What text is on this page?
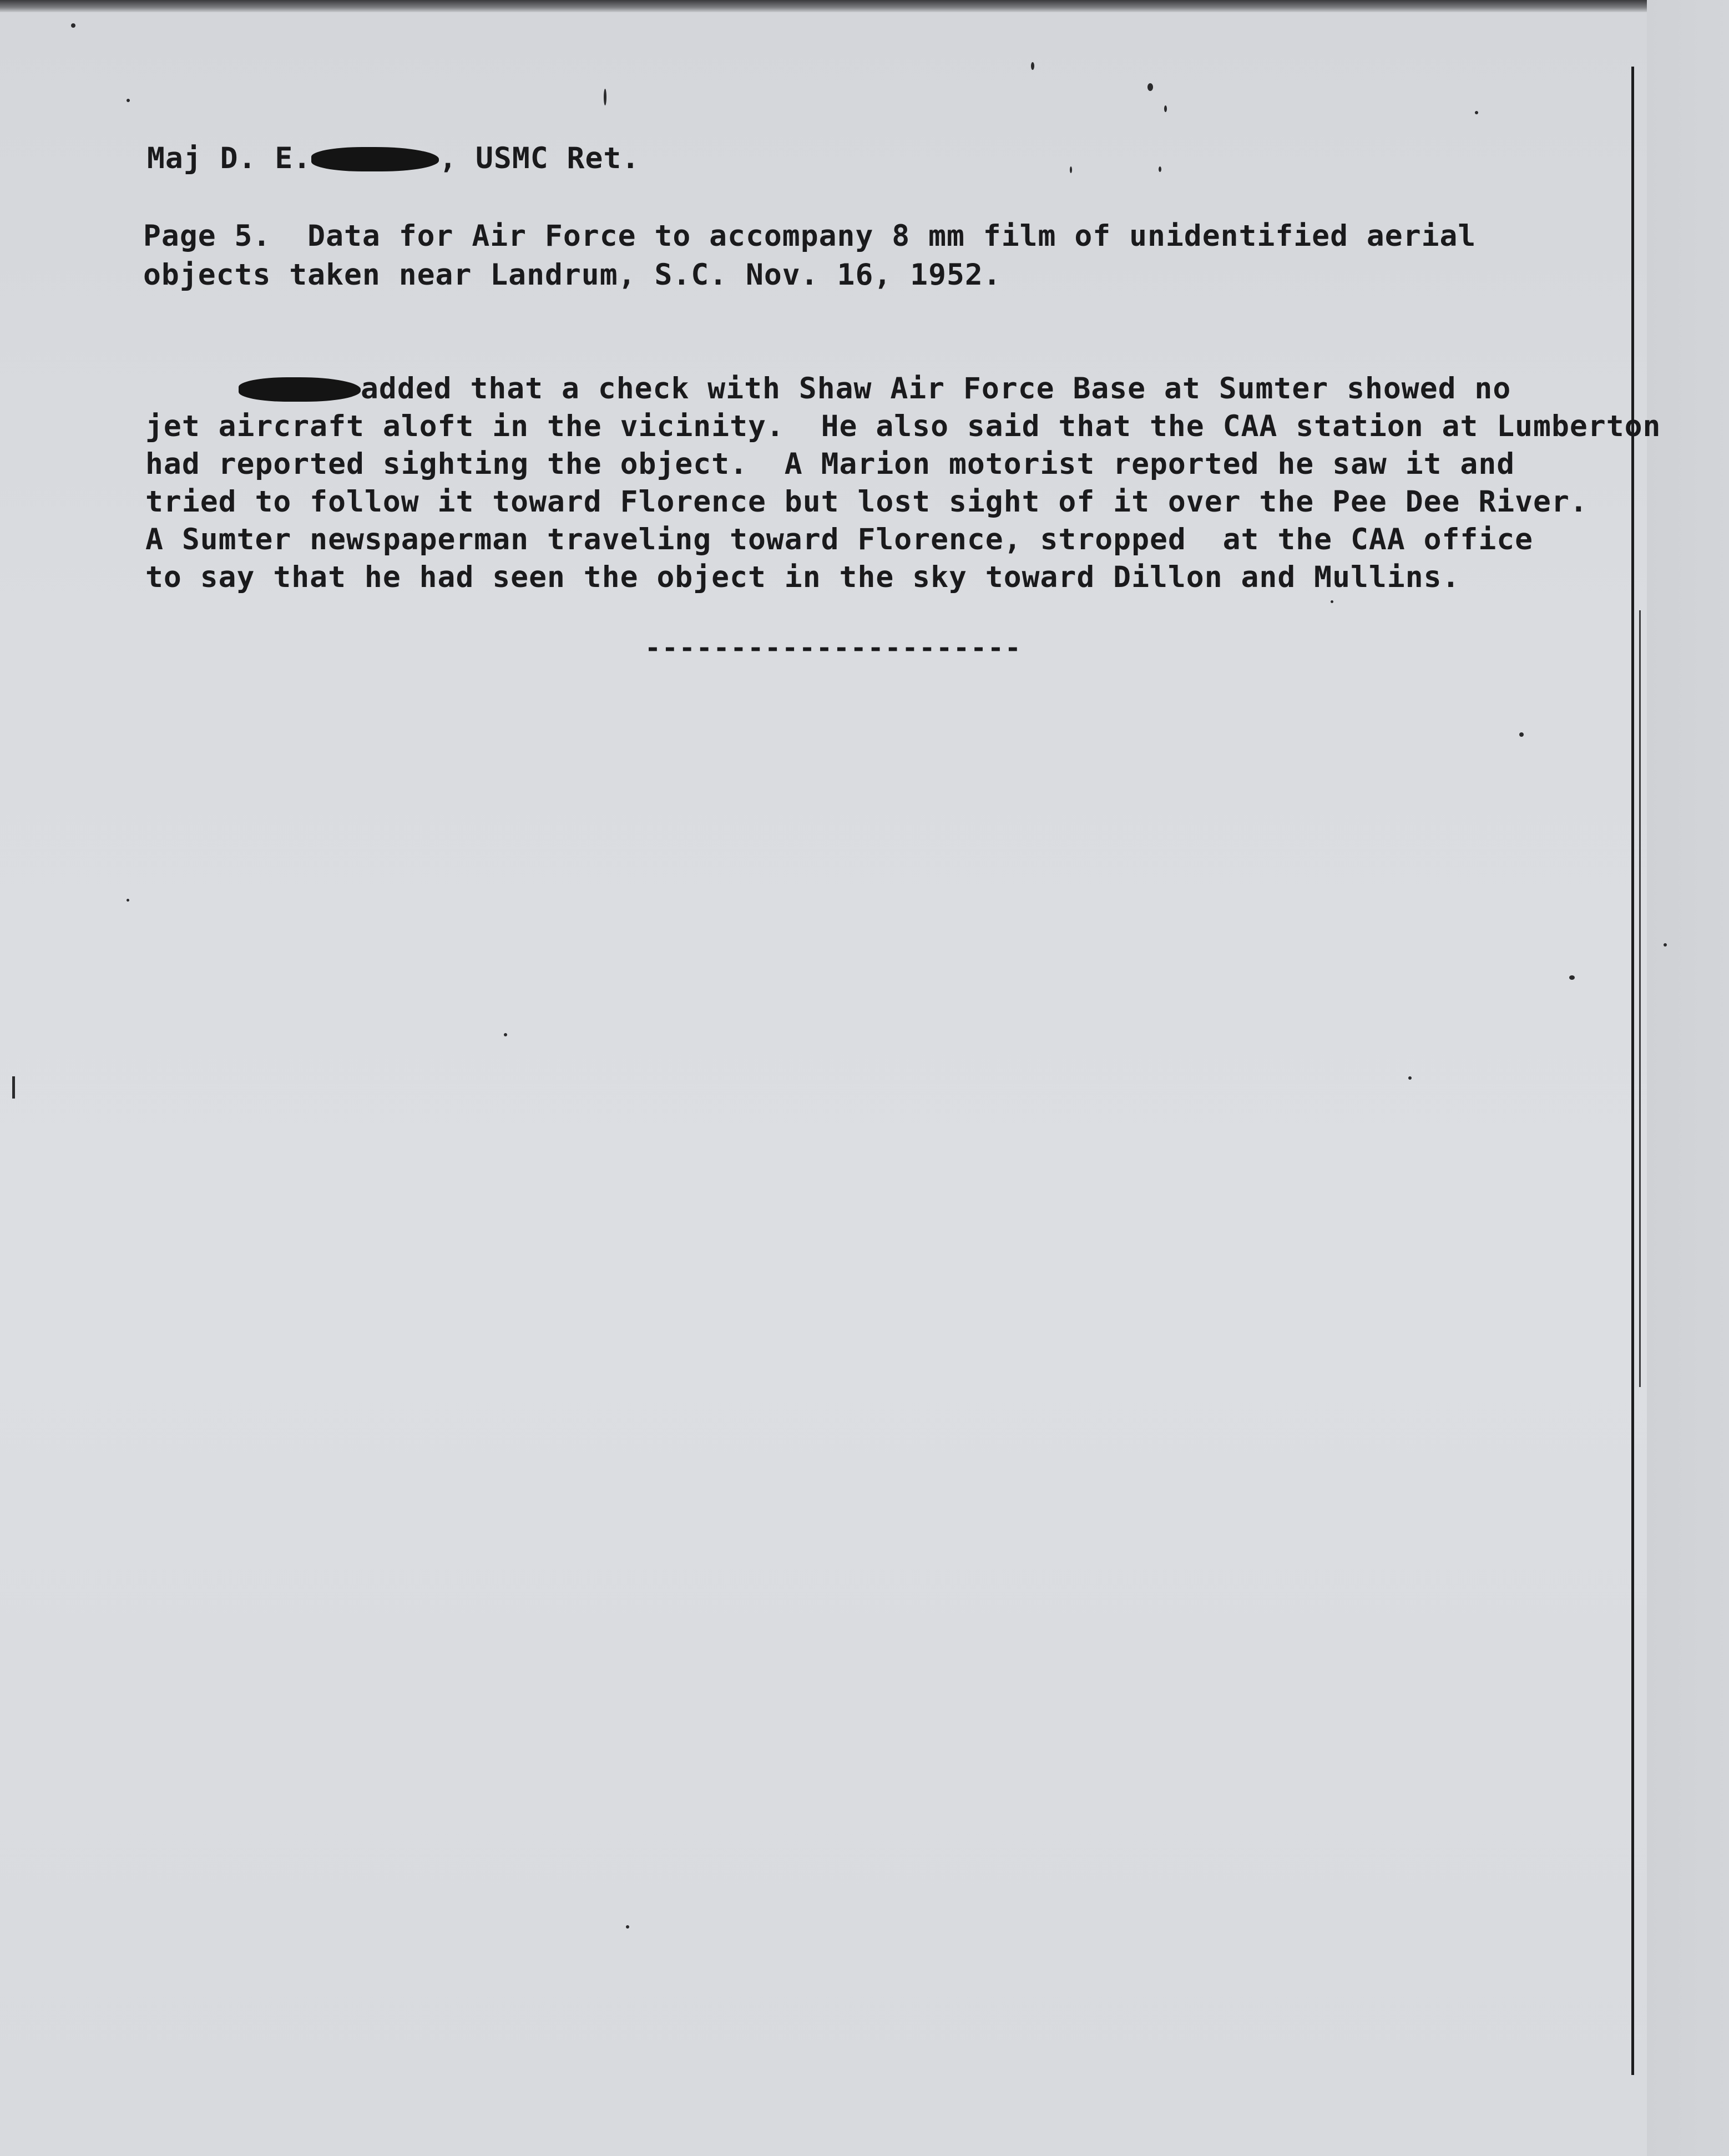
Maj D. E.	, USMC Ret.
Page 5.  Data for Air Force to accompany 8 mm film of unidentified aerial
objects taken near Landrum, S.C. Nov. 16, 1952.
added that a check with Shaw Air Force Base at Sumter showed no
jet aircraft aloft in the vicinity.  He also said that the CAA station at Lumberton
had reported sighting the object.  A Marion motorist reported he saw it and
tried to follow it toward Florence but lost sight of it over the Pee Dee River.
A Sumter newspaperman traveling toward Florence, stropped  at the CAA office
to say that he had seen the object in the sky toward Dillon and Mullins.
----------------------
